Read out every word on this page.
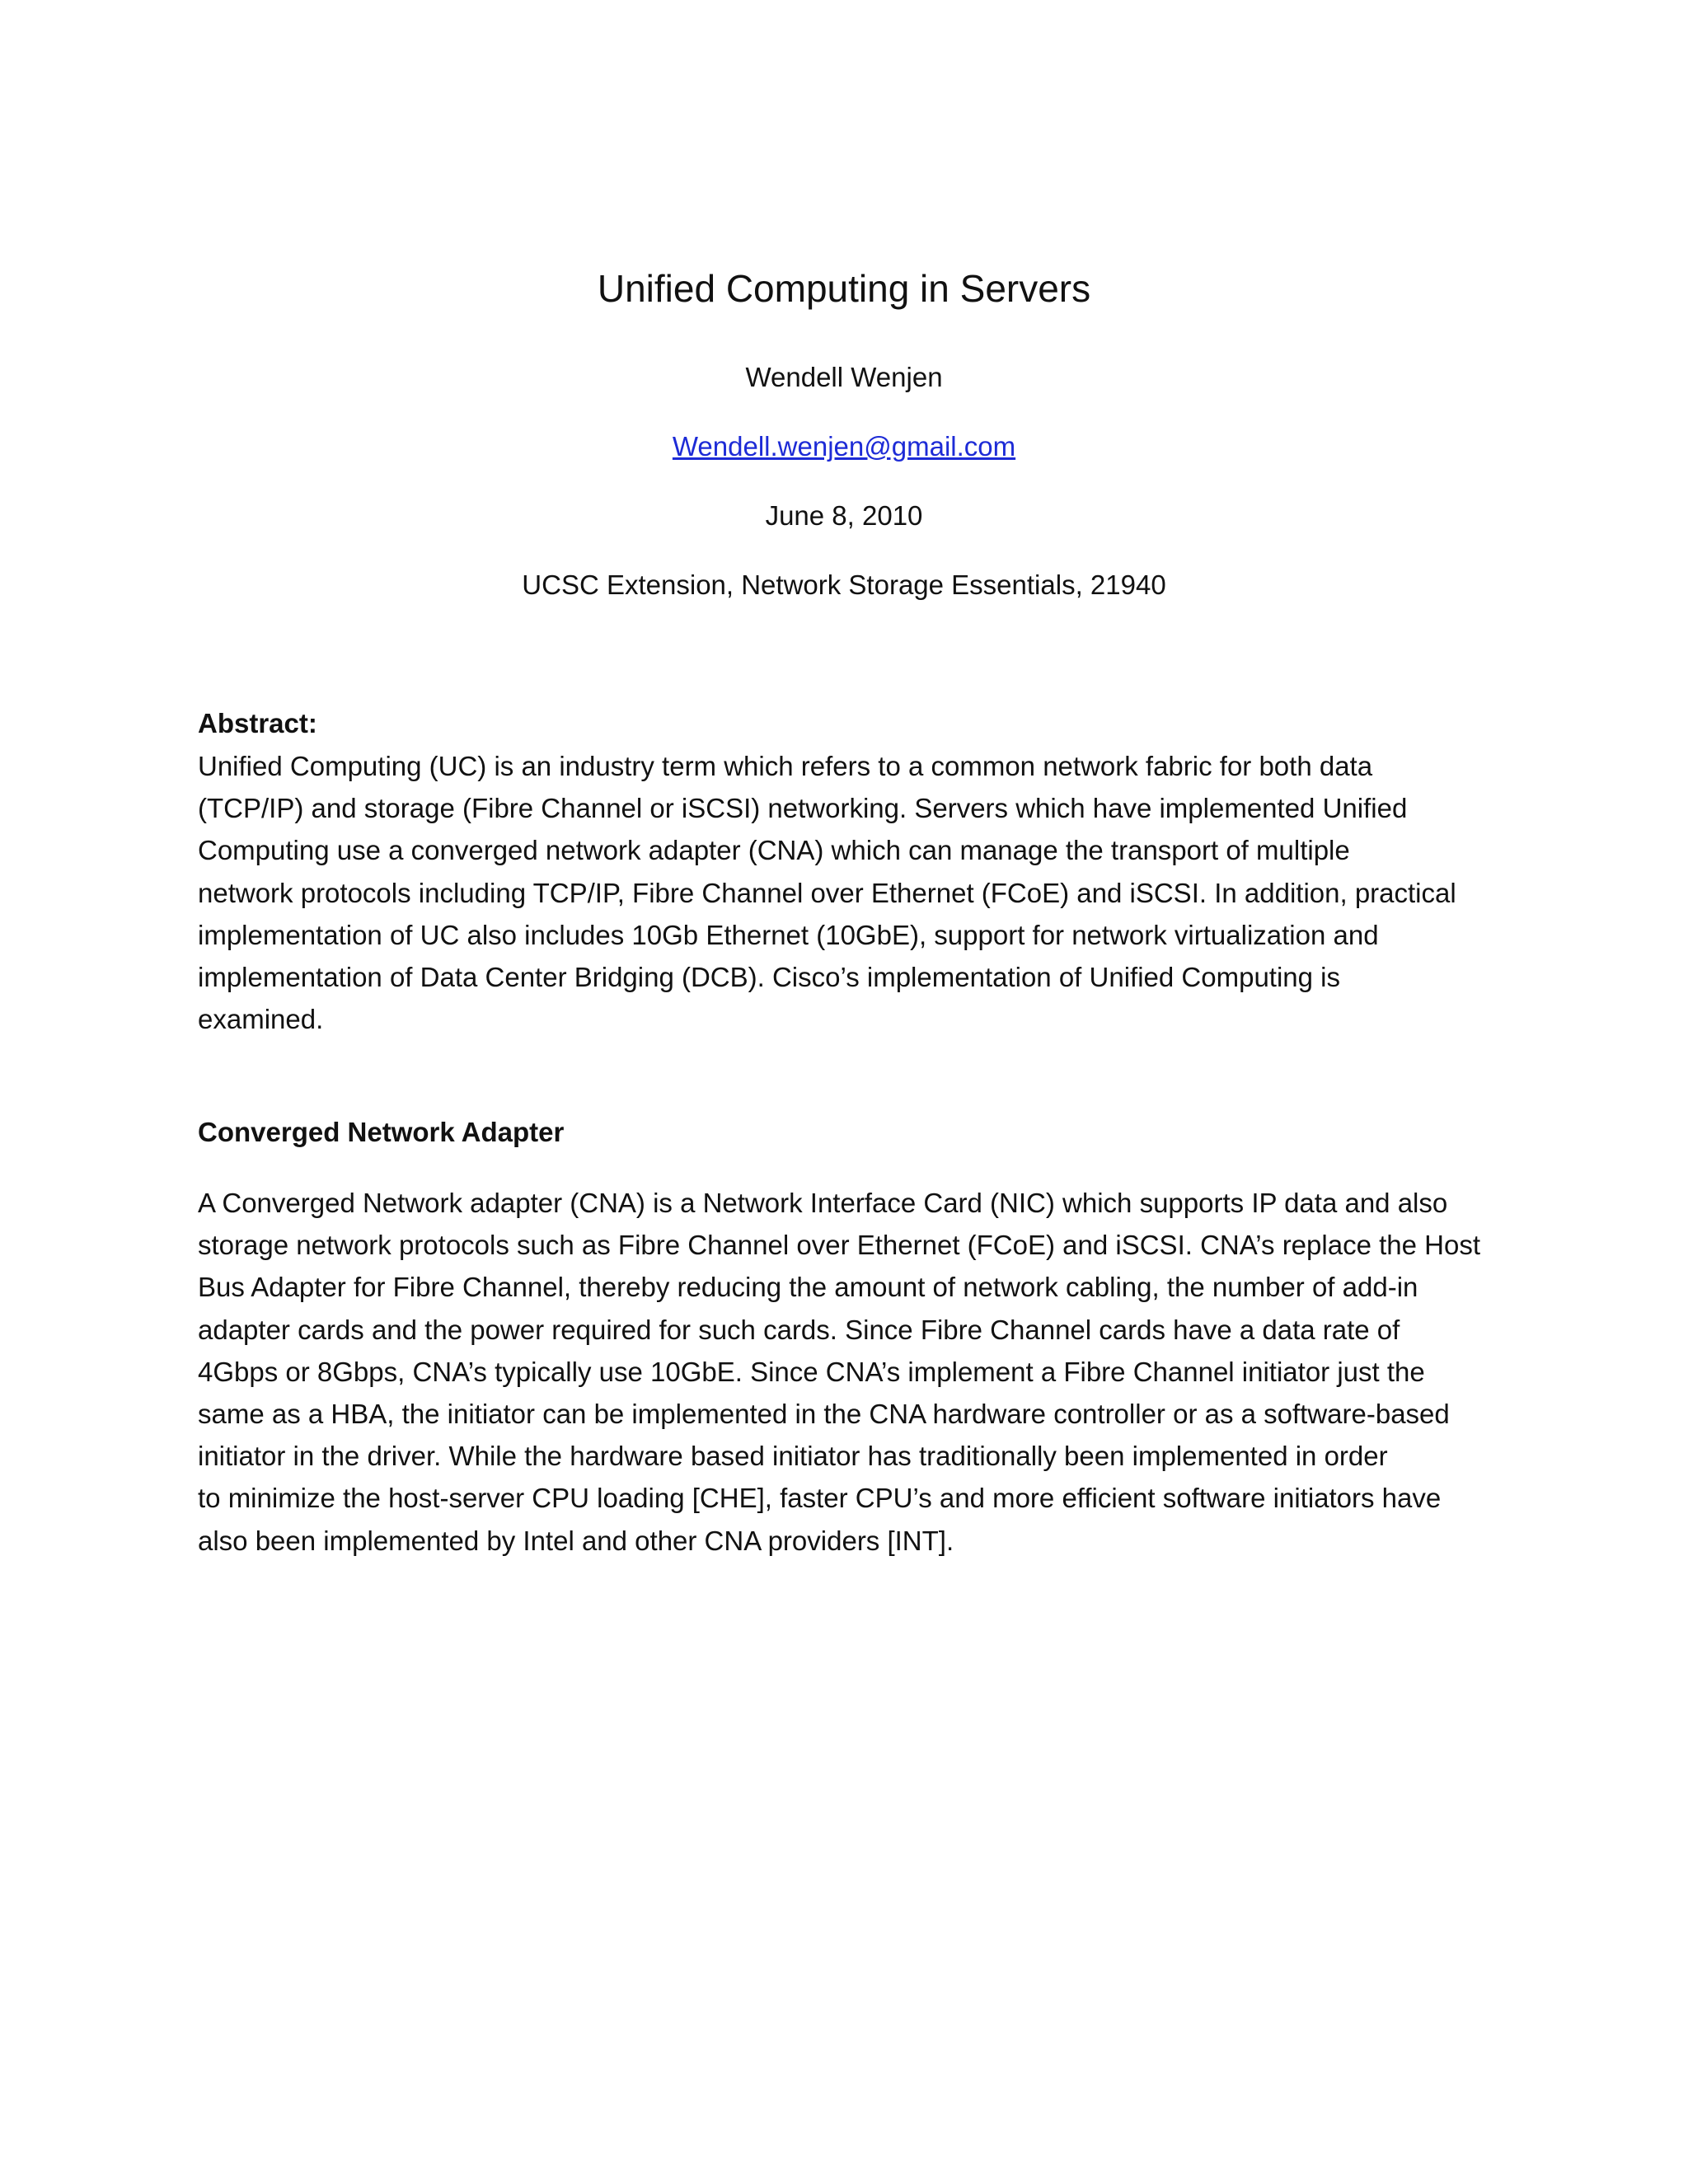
Unified Computing in Servers
Wendell Wenjen
Wendell.wenjen@gmail.com
June 8, 2010
UCSC Extension, Network Storage Essentials, 21940
Abstract:
Unified Computing (UC) is an industry term which refers to a common network fabric for both data
(TCP/IP) and storage (Fibre Channel or iSCSI) networking. Servers which have implemented Unified
Computing use a converged network adapter (CNA) which can manage the transport of multiple
network protocols including TCP/IP, Fibre Channel over Ethernet (FCoE) and iSCSI. In addition, practical
implementation of UC also includes 10Gb Ethernet (10GbE), support for network virtualization and
implementation of Data Center Bridging (DCB). Cisco’s implementation of Unified Computing is
examined.
Converged Network Adapter
A Converged Network adapter (CNA) is a Network Interface Card (NIC) which supports IP data and also
storage network protocols such as Fibre Channel over Ethernet (FCoE) and iSCSI. CNA’s replace the Host
Bus Adapter for Fibre Channel, thereby reducing the amount of network cabling, the number of add-in
adapter cards and the power required for such cards. Since Fibre Channel cards have a data rate of
4Gbps or 8Gbps, CNA’s typically use 10GbE. Since CNA’s implement a Fibre Channel initiator just the
same as a HBA, the initiator can be implemented in the CNA hardware controller or as a software-based
initiator in the driver. While the hardware based initiator has traditionally been implemented in order
to minimize the host-server CPU loading [CHE], faster CPU’s and more efficient software initiators have
also been implemented by Intel and other CNA providers [INT].
